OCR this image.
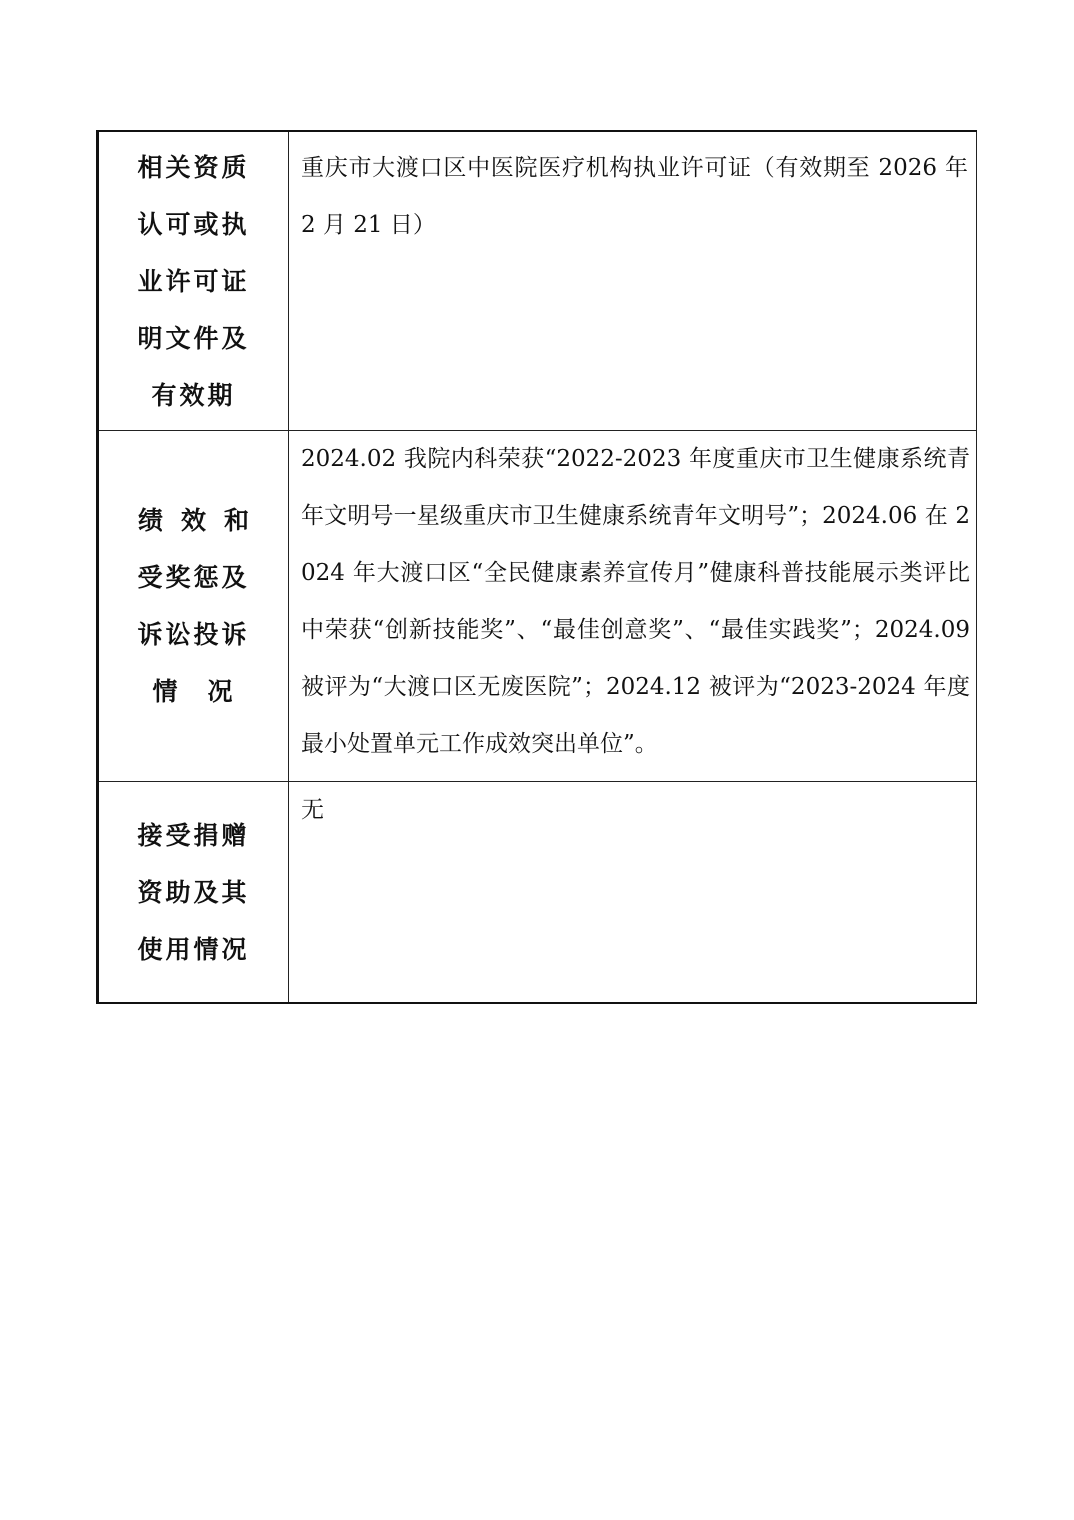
相关资质
认可或执
业许可证
明文件及
有效期	重庆市大渡口区中医院医疗机构执业许可证（有效期至 2026 年 2 月 21 日）

绩效和
受奖惩及
诉讼投诉
情况	2024.02 我院内科荣获“2022-2023 年度重庆市卫生健康系统青年文明号一星级重庆市卫生健康系统青年文明号”；2024.06 在 2024 年大渡口区“全民健康素养宣传月”健康科普技能展示类评比中荣获“创新技能奖”、“最佳创意奖”、“最佳实践奖”；2024.09 被评为“大渡口区无废医院”；2024.12 被评为“2023-2024 年度最小处置单元工作成效突出单位”。

接受捐赠
资助及其
使用情况	无
